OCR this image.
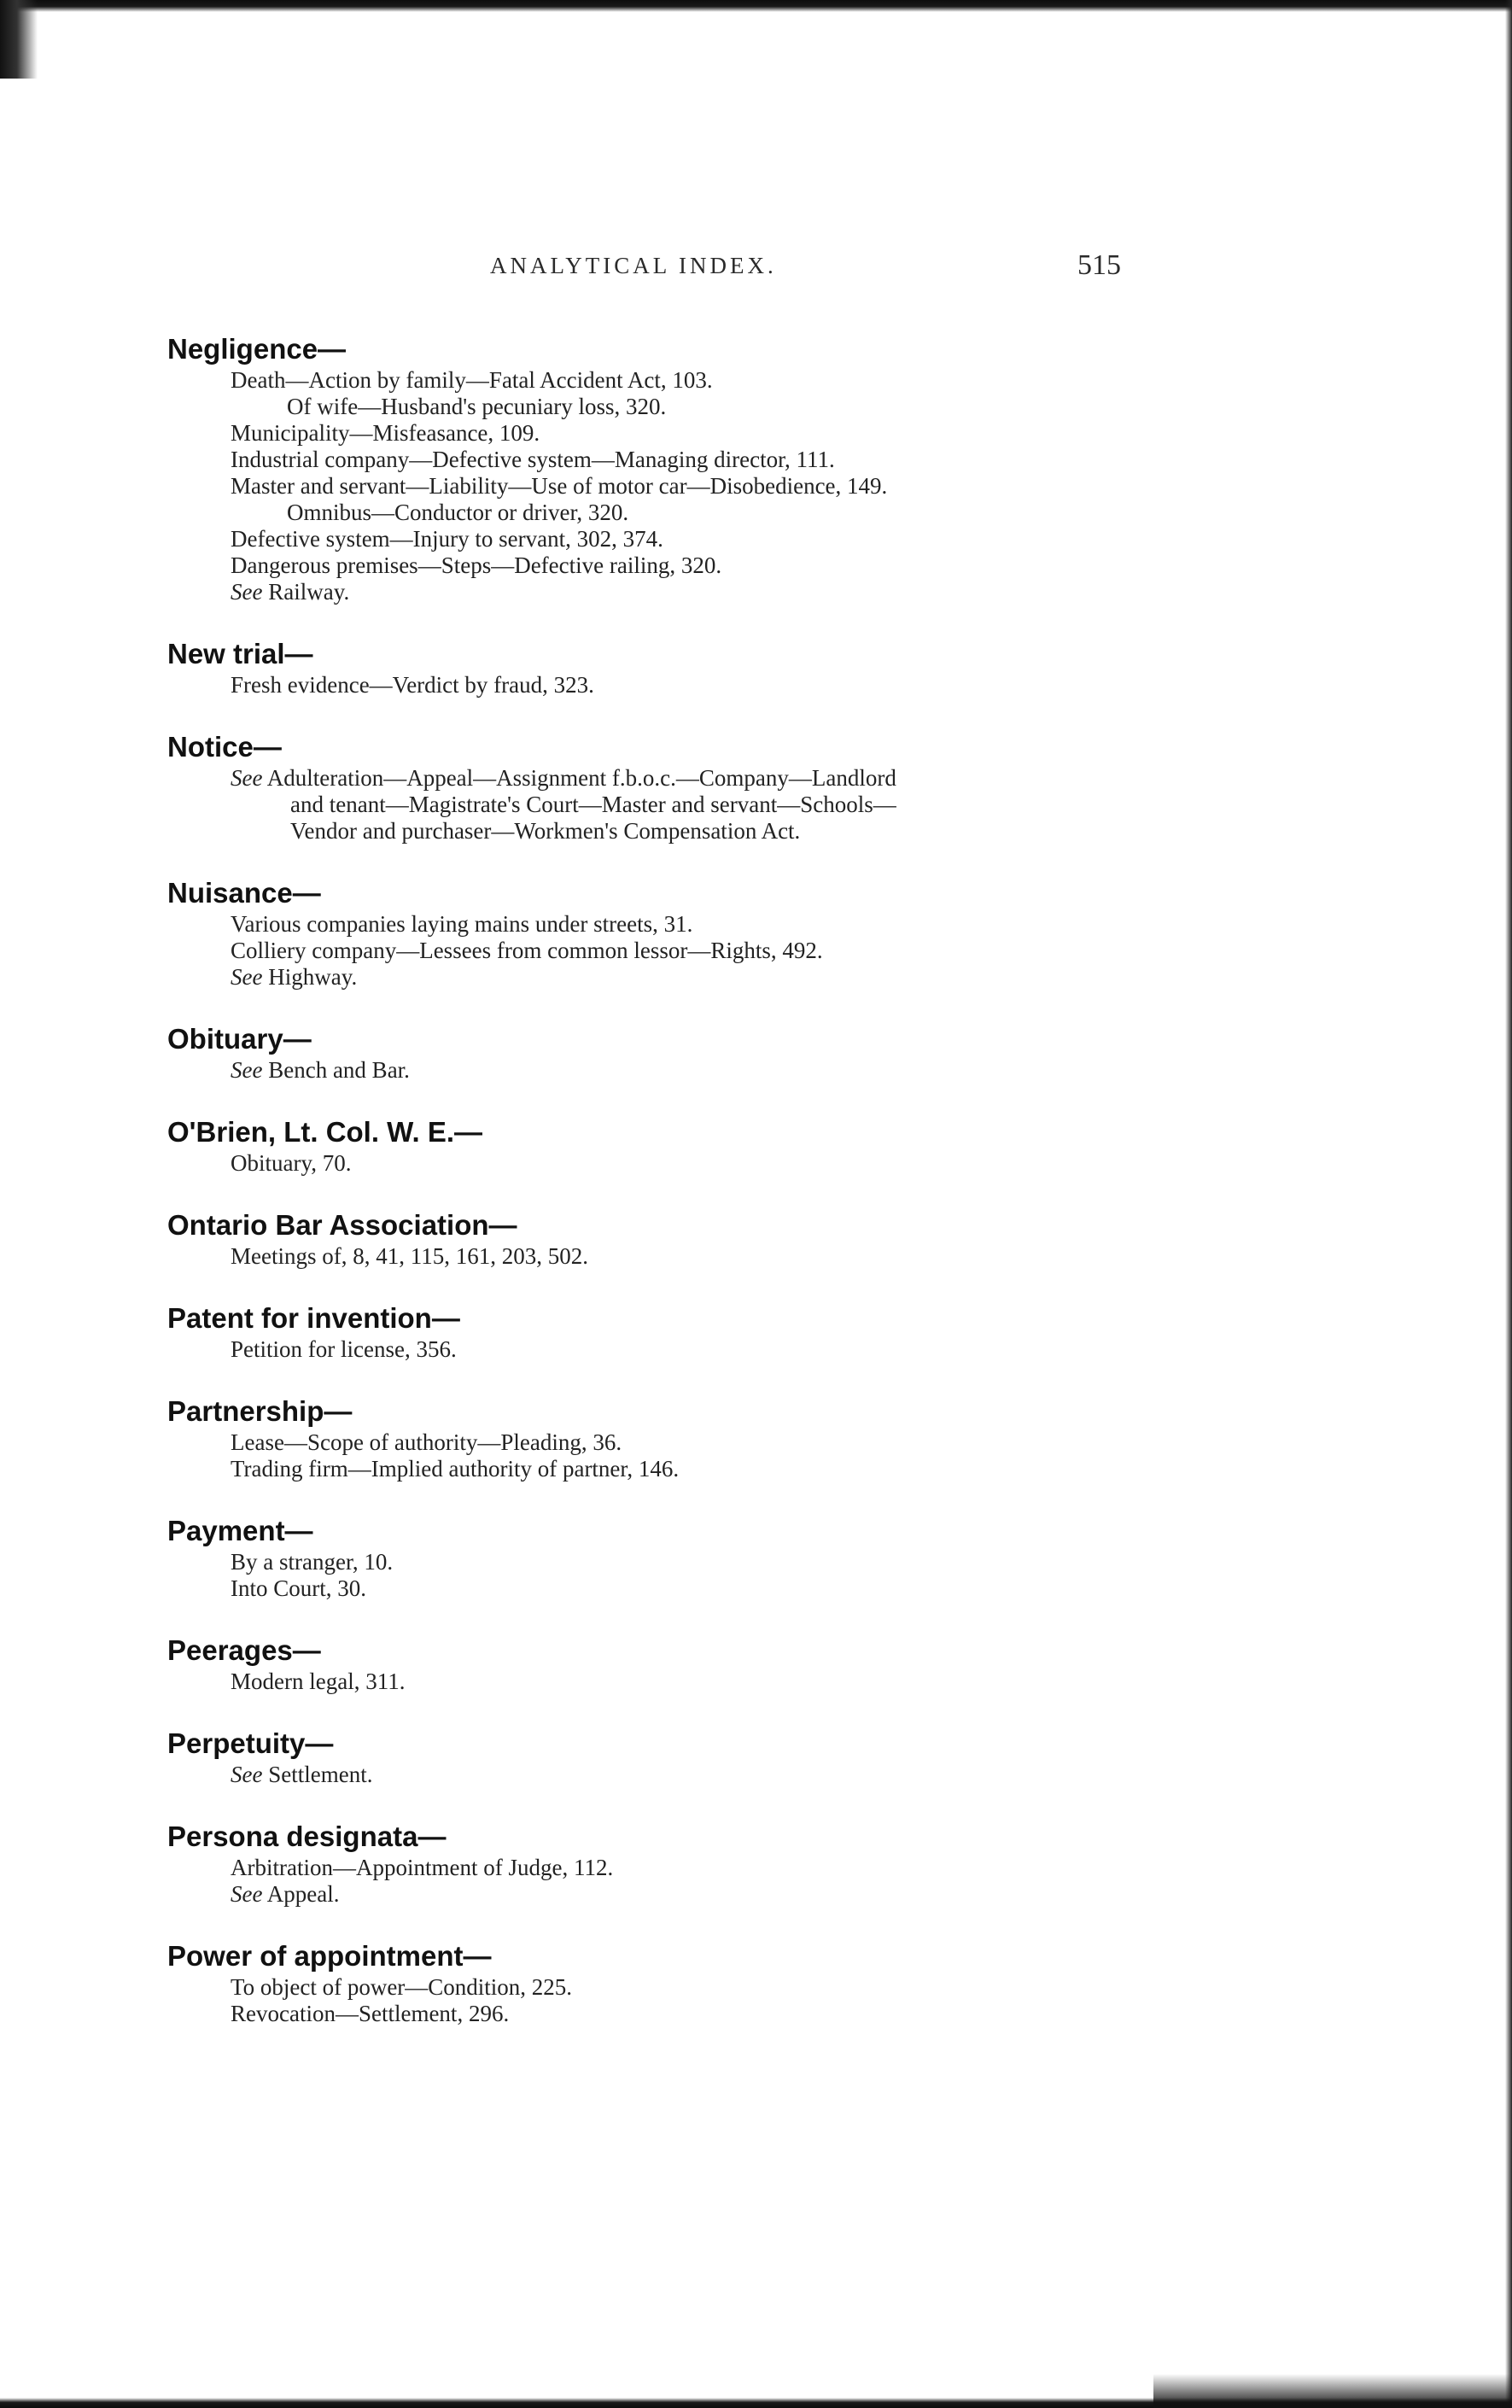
ANALYTICAL INDEX.	515
Negligence—
Death—Action by family—Fatal Accident Act, 103.
Of wife—Husband's pecuniary loss, 320.
Municipality—Misfeasance, 109.
Industrial company—Defective system—Managing director, 111.
Master and servant—Liability—Use of motor car—Disobedience, 149.
Omnibus—Conductor or driver, 320.
Defective system—Injury to servant, 302, 374.
Dangerous premises—Steps—Defective railing, 320.
See Railway.
New trial—
Fresh evidence—Verdict by fraud, 323.
Notice—
See Adulteration—Appeal—Assignment f.b.o.c.—Company—Landlord
and tenant—Magistrate's Court—Master and servant—Schools—
Vendor and purchaser—Workmen's Compensation Act.
Nuisance—
Various companies laying mains under streets, 31.
Colliery company—Lessees from common lessor—Rights, 492.
See Highway.
Obituary—
See Bench and Bar.
O'Brien, Lt. Col. W. E.—
Obituary, 70.
Ontario Bar Association—
Meetings of, 8, 41, 115, 161, 203, 502.
Patent for invention—
Petition for license, 356.
Partnership—
Lease—Scope of authority—Pleading, 36.
Trading firm—Implied authority of partner, 146.
Payment—
By a stranger, 10.
Into Court, 30.
Peerages—
Modern legal, 311.
Perpetuity—
See Settlement.
Persona designata—
Arbitration—Appointment of Judge, 112.
See Appeal.
Power of appointment—
To object of power—Condition, 225.
Revocation—Settlement, 296.
